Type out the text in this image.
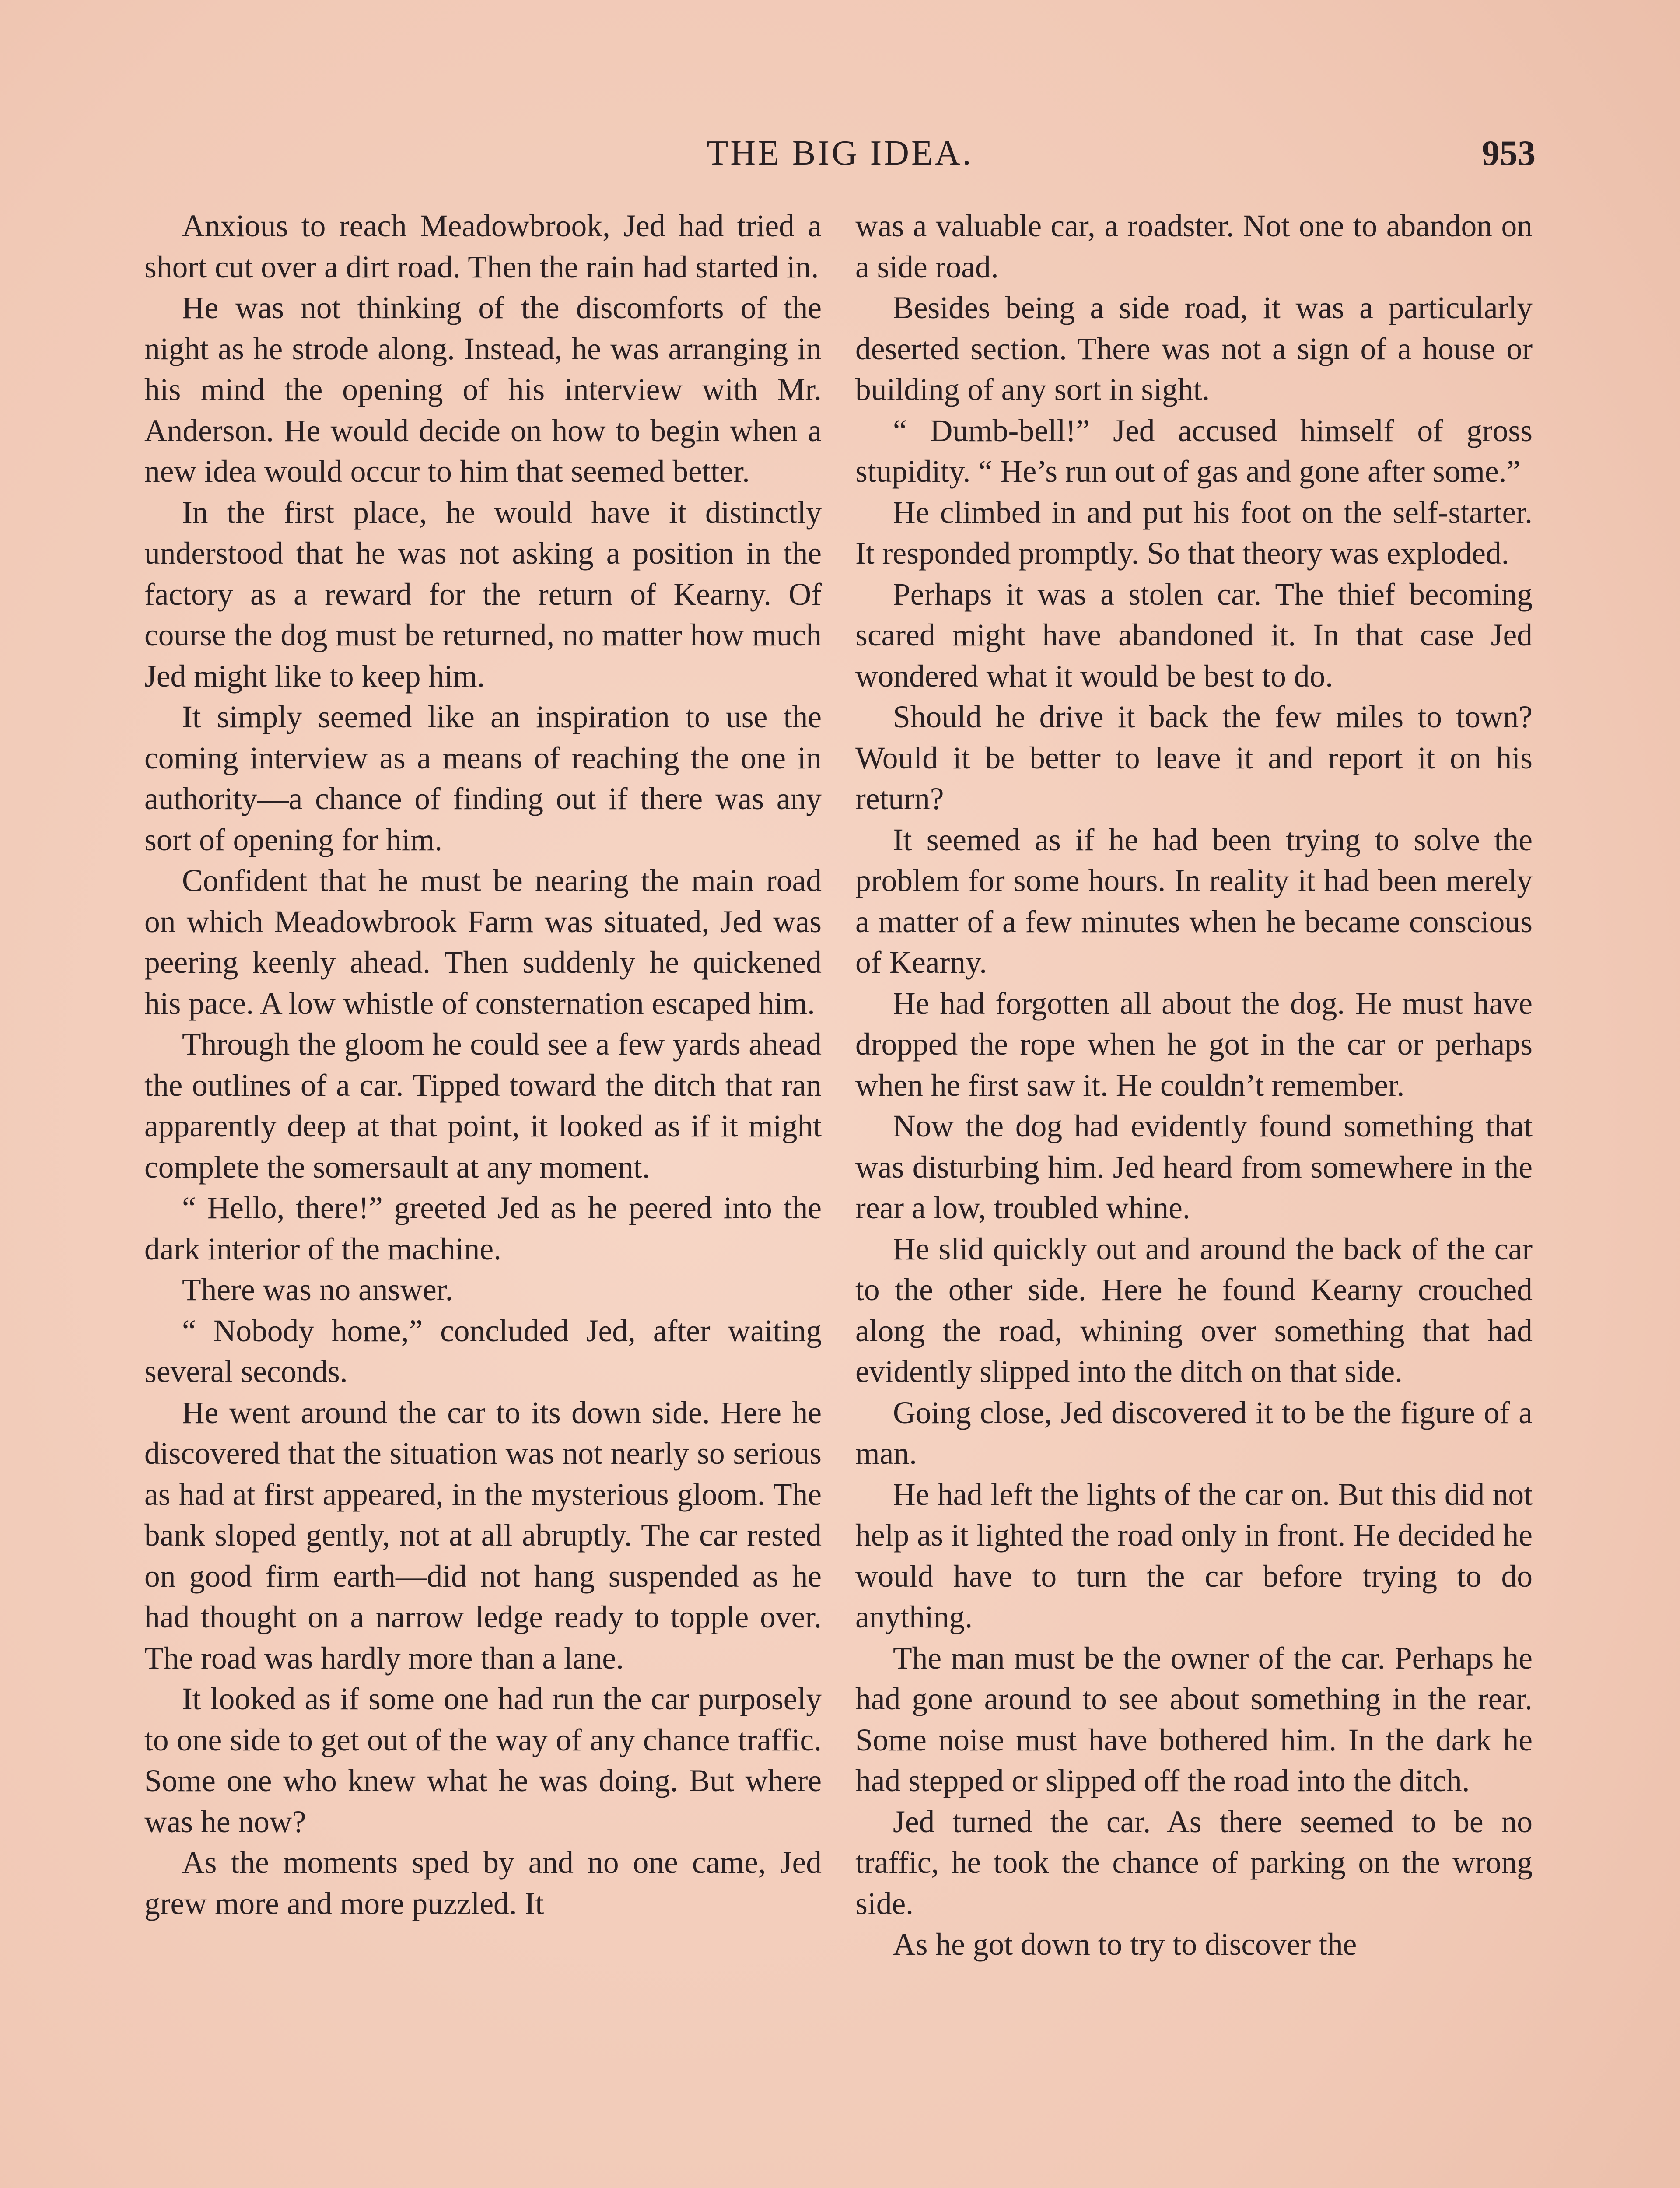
THE BIG IDEA.	953

Anxious to reach Meadowbrook, Jed had tried a short cut over a dirt road. Then the rain had started in.

He was not thinking of the discomforts of the night as he strode along. Instead, he was arranging in his mind the opening of his interview with Mr. Anderson. He would decide on how to begin when a new idea would occur to him that seemed better.

In the first place, he would have it distinctly understood that he was not asking a position in the factory as a reward for the return of Kearny. Of course the dog must be returned, no matter how much Jed might like to keep him.

It simply seemed like an inspiration to use the coming interview as a means of reaching the one in authority—a chance of finding out if there was any sort of opening for him.

Confident that he must be nearing the main road on which Meadowbrook Farm was situated, Jed was peering keenly ahead. Then suddenly he quickened his pace. A low whistle of consternation escaped him.

Through the gloom he could see a few yards ahead the outlines of a car. Tipped toward the ditch that ran apparently deep at that point, it looked as if it might complete the somersault at any moment.

“ Hello, there!” greeted Jed as he peered into the dark interior of the machine.

There was no answer.

“ Nobody home,” concluded Jed, after waiting several seconds.

He went around the car to its down side. Here he discovered that the situation was not nearly so serious as had at first appeared, in the mysterious gloom. The bank sloped gently, not at all abruptly. The car rested on good firm earth—did not hang suspended as he had thought on a narrow ledge ready to topple over. The road was hardly more than a lane.

It looked as if some one had run the car purposely to one side to get out of the way of any chance traffic. Some one who knew what he was doing. But where was he now?

As the moments sped by and no one came, Jed grew more and more puzzled. It

was a valuable car, a roadster. Not one to abandon on a side road.

Besides being a side road, it was a particularly deserted section. There was not a sign of a house or building of any sort in sight.

“ Dumb-bell!” Jed accused himself of gross stupidity. “ He’s run out of gas and gone after some.”

He climbed in and put his foot on the self-starter. It responded promptly. So that theory was exploded.

Perhaps it was a stolen car. The thief becoming scared might have abandoned it. In that case Jed wondered what it would be best to do.

Should he drive it back the few miles to town? Would it be better to leave it and report it on his return?

It seemed as if he had been trying to solve the problem for some hours. In reality it had been merely a matter of a few minutes when he became conscious of Kearny.

He had forgotten all about the dog. He must have dropped the rope when he got in the car or perhaps when he first saw it. He couldn’t remember.

Now the dog had evidently found something that was disturbing him. Jed heard from somewhere in the rear a low, troubled whine.

He slid quickly out and around the back of the car to the other side. Here he found Kearny crouched along the road, whining over something that had evidently slipped into the ditch on that side.

Going close, Jed discovered it to be the figure of a man.

He had left the lights of the car on. But this did not help as it lighted the road only in front. He decided he would have to turn the car before trying to do anything.

The man must be the owner of the car. Perhaps he had gone around to see about something in the rear. Some noise must have bothered him. In the dark he had stepped or slipped off the road into the ditch.

Jed turned the car. As there seemed to be no traffic, he took the chance of parking on the wrong side.

As he got down to try to discover the
